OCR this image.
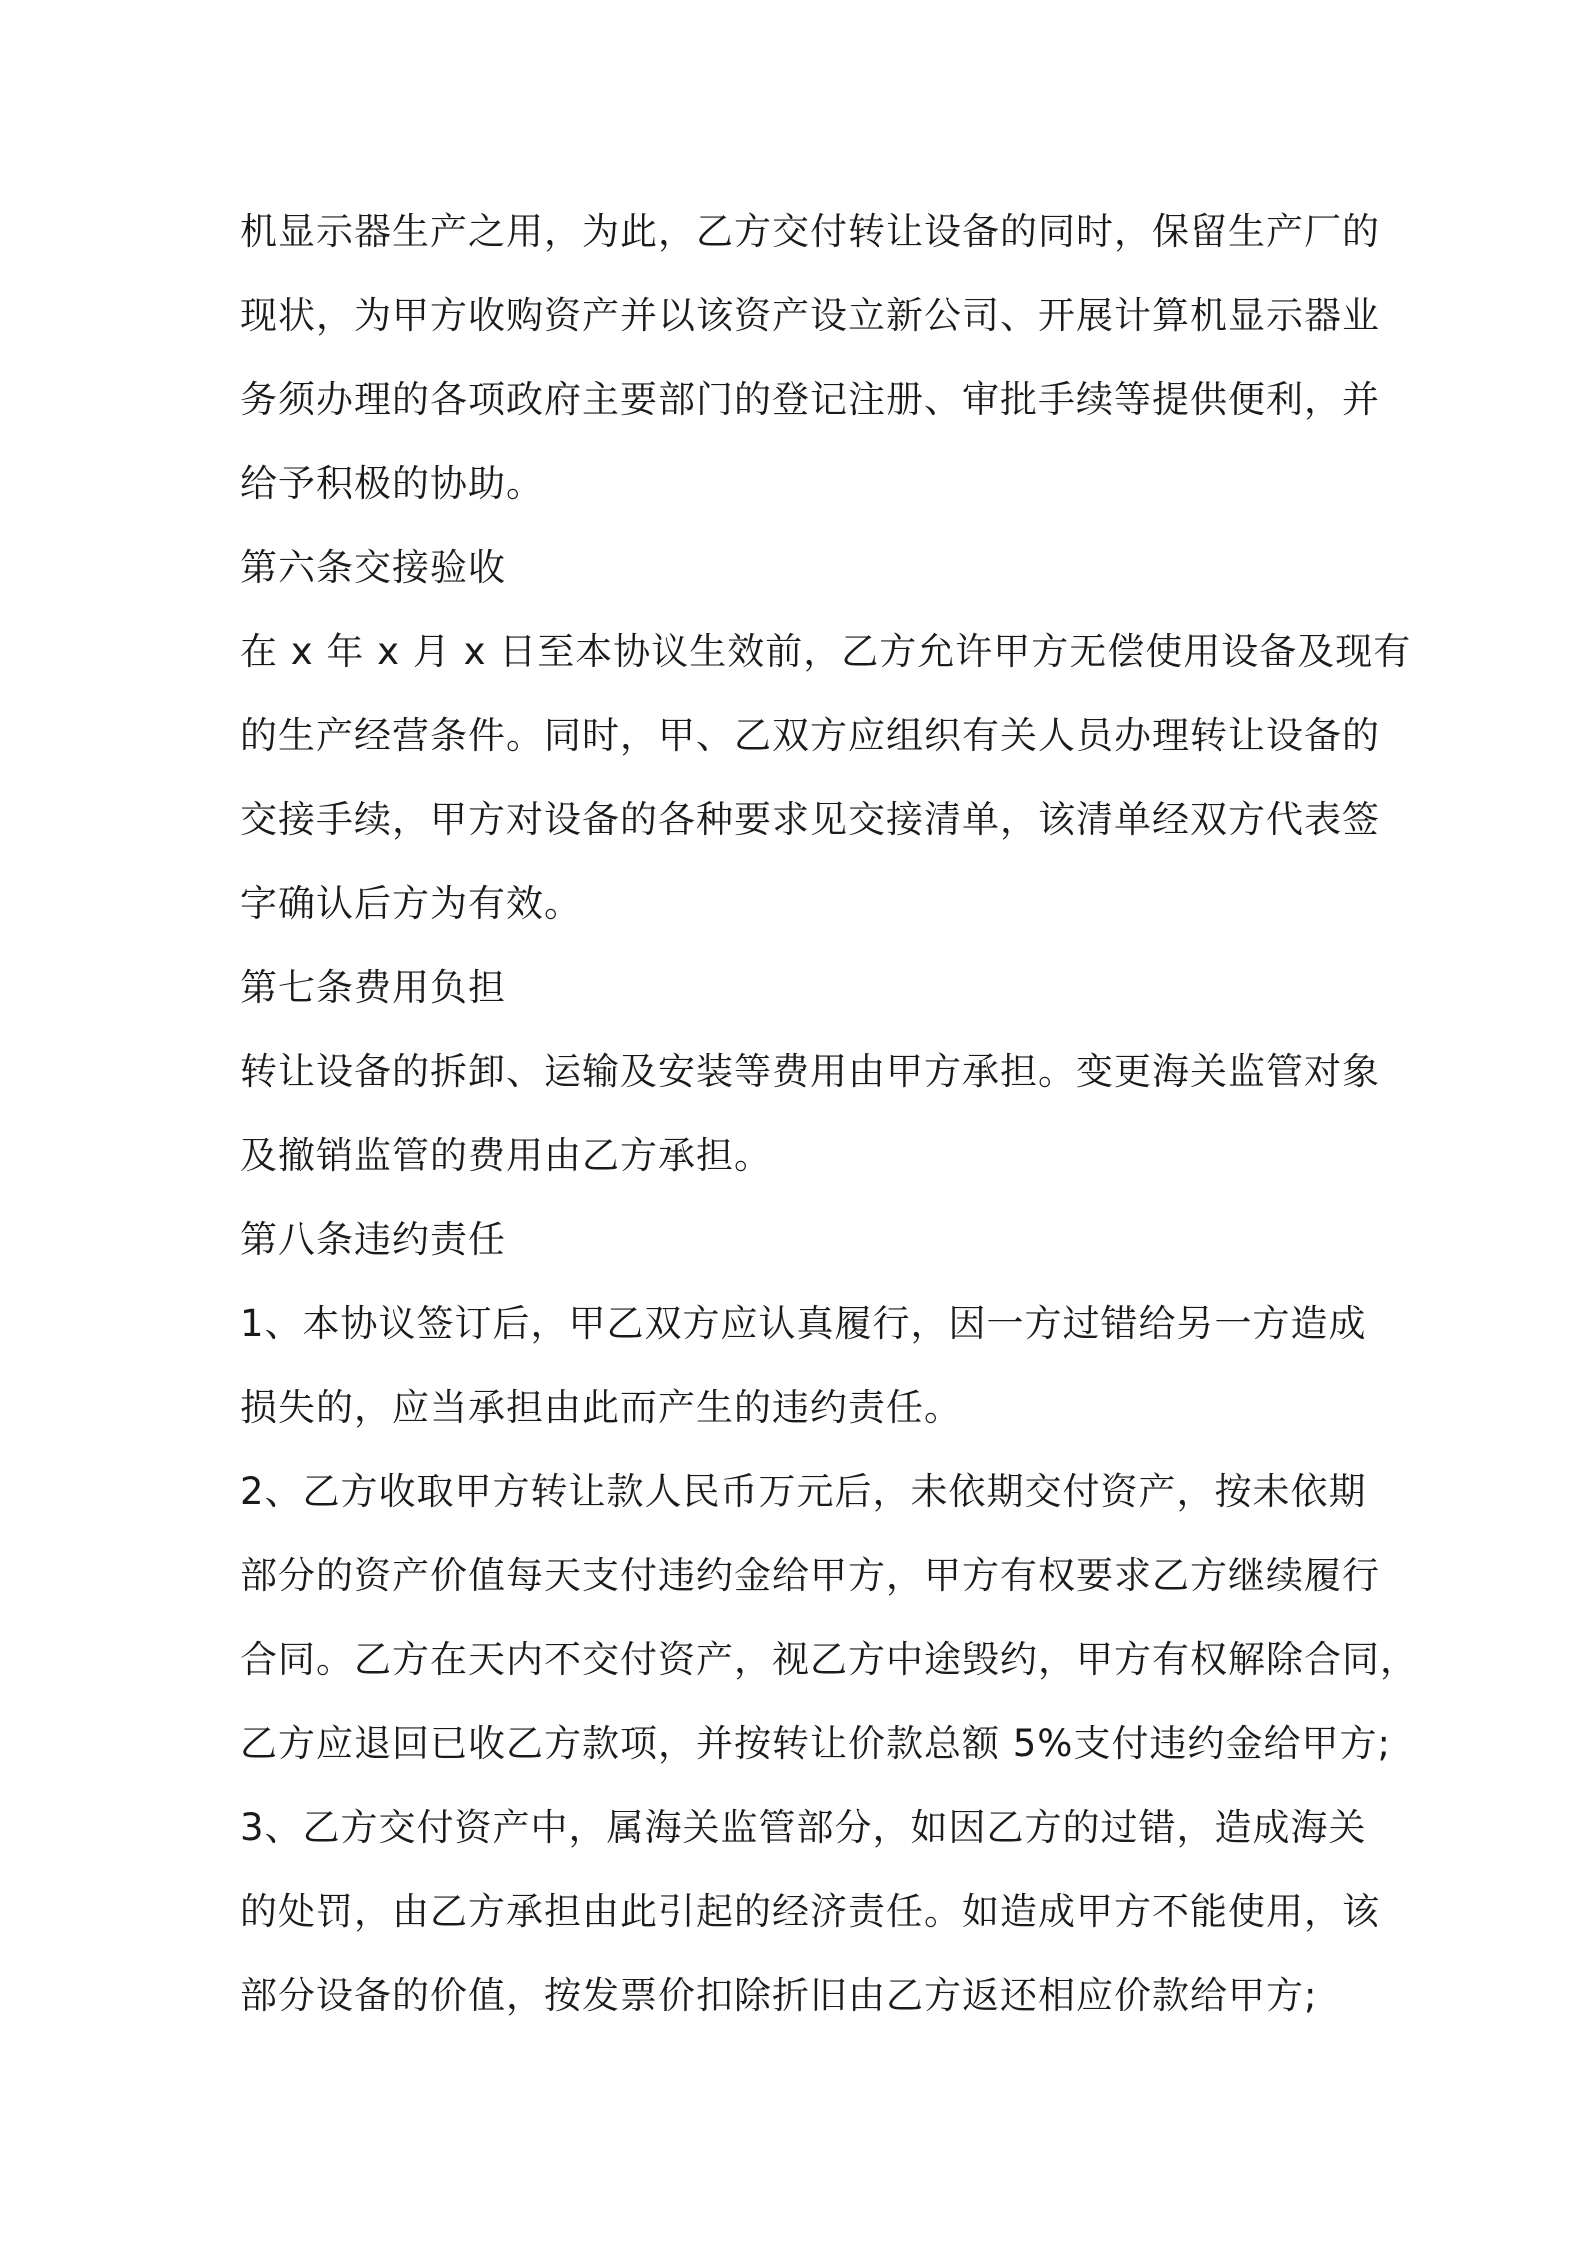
机显示器生产之用，为此，乙方交付转让设备的同时，保留生产厂的
现状，为甲方收购资产并以该资产设立新公司、开展计算机显示器业
务须办理的各项政府主要部门的登记注册、审批手续等提供便利，并
给予积极的协助。
第六条交接验收
在 x 年 x 月 x 日至本协议生效前，乙方允许甲方无偿使用设备及现有
的生产经营条件。同时，甲、乙双方应组织有关人员办理转让设备的
交接手续，甲方对设备的各种要求见交接清单，该清单经双方代表签
字确认后方为有效。
第七条费用负担
转让设备的拆卸、运输及安装等费用由甲方承担。变更海关监管对象
及撤销监管的费用由乙方承担。
第八条违约责任
1、本协议签订后，甲乙双方应认真履行，因一方过错给另一方造成
损失的，应当承担由此而产生的违约责任。
2、乙方收取甲方转让款人民币万元后，未依期交付资产，按未依期
部分的资产价值每天支付违约金给甲方，甲方有权要求乙方继续履行
合同。乙方在天内不交付资产，视乙方中途毁约，甲方有权解除合同，
乙方应退回已收乙方款项，并按转让价款总额 5%支付违约金给甲方;
3、乙方交付资产中，属海关监管部分，如因乙方的过错，造成海关
的处罚，由乙方承担由此引起的经济责任。如造成甲方不能使用，该
部分设备的价值，按发票价扣除折旧由乙方返还相应价款给甲方;
